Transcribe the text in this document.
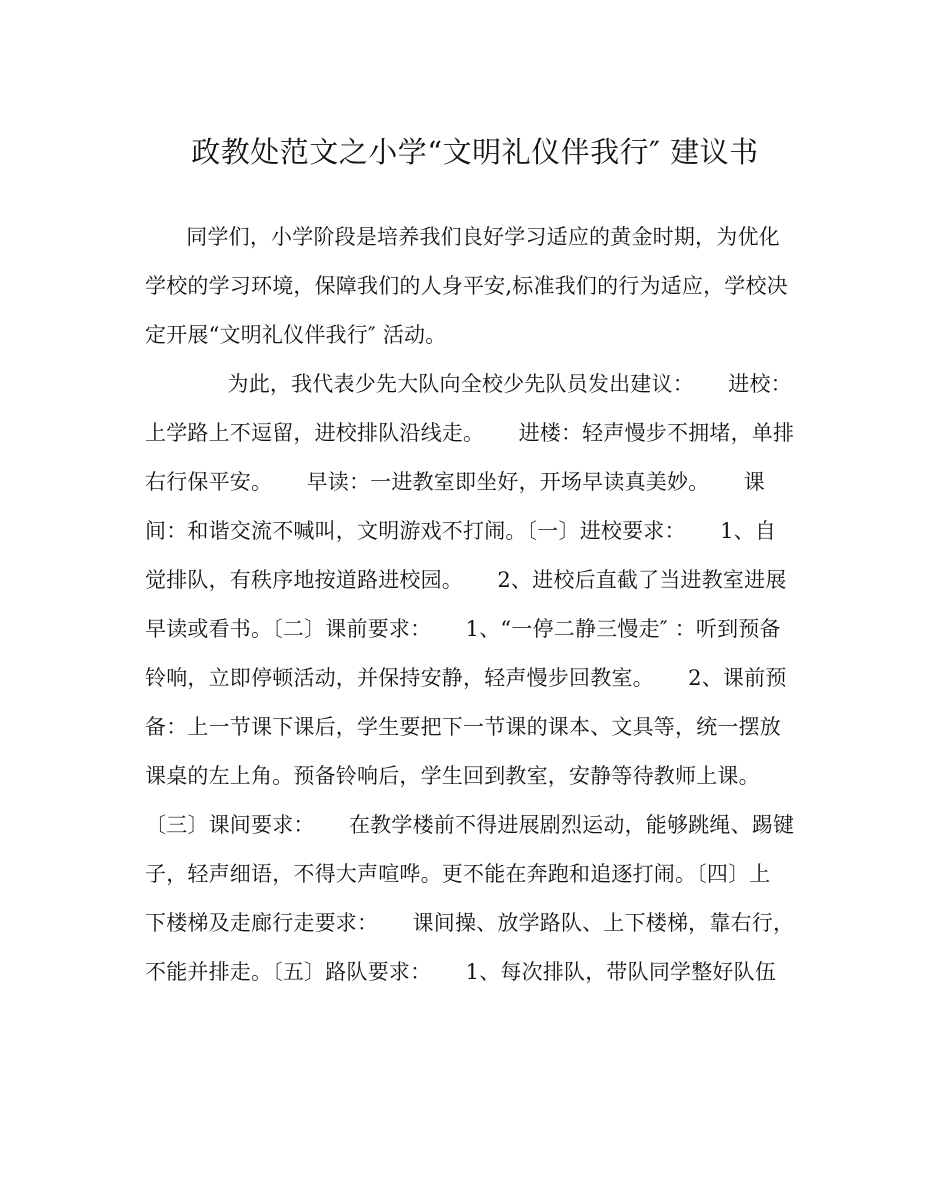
政教处范文之小学“文明礼仪伴我行″ 建议书
同学们，小学阶段是培养我们良好学习适应的黄金时期，为优化
学校的学习环境，保障我们的人身平安,标准我们的行为适应，学校决
定开展“文明礼仪伴我行″ 活动。
为此，我代表少先大队向全校少先队员发出建议：     进校：
上学路上不逗留，进校排队沿线走。     进楼：轻声慢步不拥堵，单排
右行保平安。     早读：一进教室即坐好，开场早读真美妙。     课
间：和谐交流不喊叫，文明游戏不打闹。〔一〕进校要求：     1、自
觉排队，有秩序地按道路进校园。     2、进校后直截了当进教室进展
早读或看书。〔二〕课前要求：     1、“一停二静三慢走″ ：听到预备
铃响，立即停顿活动，并保持安静，轻声慢步回教室。     2、课前预
备：上一节课下课后，学生要把下一节课的课本、文具等，统一摆放
课桌的左上角。预备铃响后，学生回到教室，安静等待教师上课。
〔三〕课间要求：     在教学楼前不得进展剧烈运动，能够跳绳、踢键
子，轻声细语，不得大声喧哗。更不能在奔跑和追逐打闹。〔四〕上
下楼梯及走廊行走要求：     课间操、放学路队、上下楼梯，靠右行，
不能并排走。〔五〕路队要求：     1、每次排队，带队同学整好队伍
